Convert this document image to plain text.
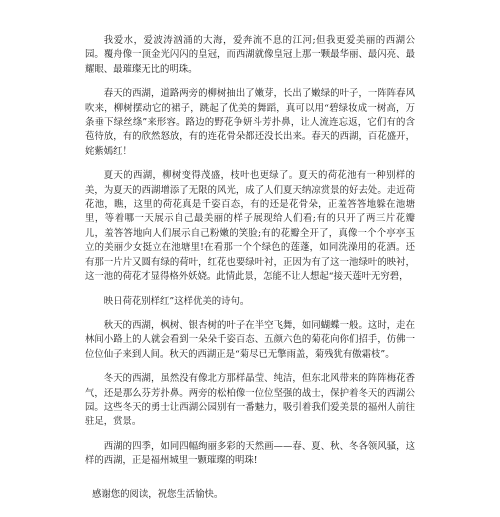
我爱水，爱波涛汹涌的大海，爱奔流不息的江河;但我更爱美丽的西湖公园。覆舟像一顶金光闪闪的皇冠，而西湖就像皇冠上那一颗最华丽、最闪亮、最耀眼、最璀璨无比的明珠。

春天的西湖，道路两旁的柳树抽出了嫩芽，长出了嫩绿的叶子，一阵阵春风吹来，柳树摆动它的裙子，跳起了优美的舞蹈，真可以用“碧绿妆成一树高，万条垂下绿丝绦”来形容。路边的野花争妍斗芳扑鼻，让人流连忘返，它们有的含苞待放，有的欣然怒放，有的连花骨朵都还没长出来。春天的西湖，百花盛开，姹紫嫣红！

夏天的西湖，柳树变得茂盛，枝叶也更绿了。夏天的荷花池有一种别样的美，为夏天的西湖增添了无限的风光，成了人们夏天纳凉赏景的好去处。走近荷花池，瞧，这里的荷花真是千姿百态，有的还是花骨朵，正羞答答地躲在池塘里，等着哪一天展示自己最美丽的样子展现给人们看;有的只开了两三片花瓣儿，羞答答地向人们展示自己粉嫩的笑脸;有的花瓣全开了，真像一个个亭亭玉立的美丽少女挺立在池塘里!在看那一个个绿色的莲蓬，如同洗澡用的花洒。还有那一片片又圆有绿的荷叶，红花也要绿叶衬，正因为有了这一池绿叶的映衬，这一池的荷花才显得格外妖娆。此情此景，怎能不让人想起“接天莲叶无穷碧，

映日荷花别样红”这样优美的诗句。

秋天的西湖，枫树、银杏树的叶子在半空飞舞，如同蝴蝶一般。这时，走在林间小路上的人就会看到一朵朵千姿百态、五颜六色的菊花向你们招手，仿佛一位位仙子来到人间。秋天的西湖正是“菊尽已无擎雨盖，菊残犹有傲霜枝”。

冬天的西湖，虽然没有像北方那样晶莹、纯洁，但东北风带来的阵阵梅花香气，还是那么芬芳扑鼻。两旁的松柏像一位位坚强的战士，保护着冬天的西湖公园。这些冬天的勇士让西湖公园别有一番魅力，吸引着我们爱美景的福州人前往驻足，赏景。

西湖的四季，如同四幅绚丽多彩的天然画——春、夏、秋、冬各领风骚，这样的西湖，正是福州城里一颗璀璨的明珠!

感谢您的阅读，祝您生活愉快。
